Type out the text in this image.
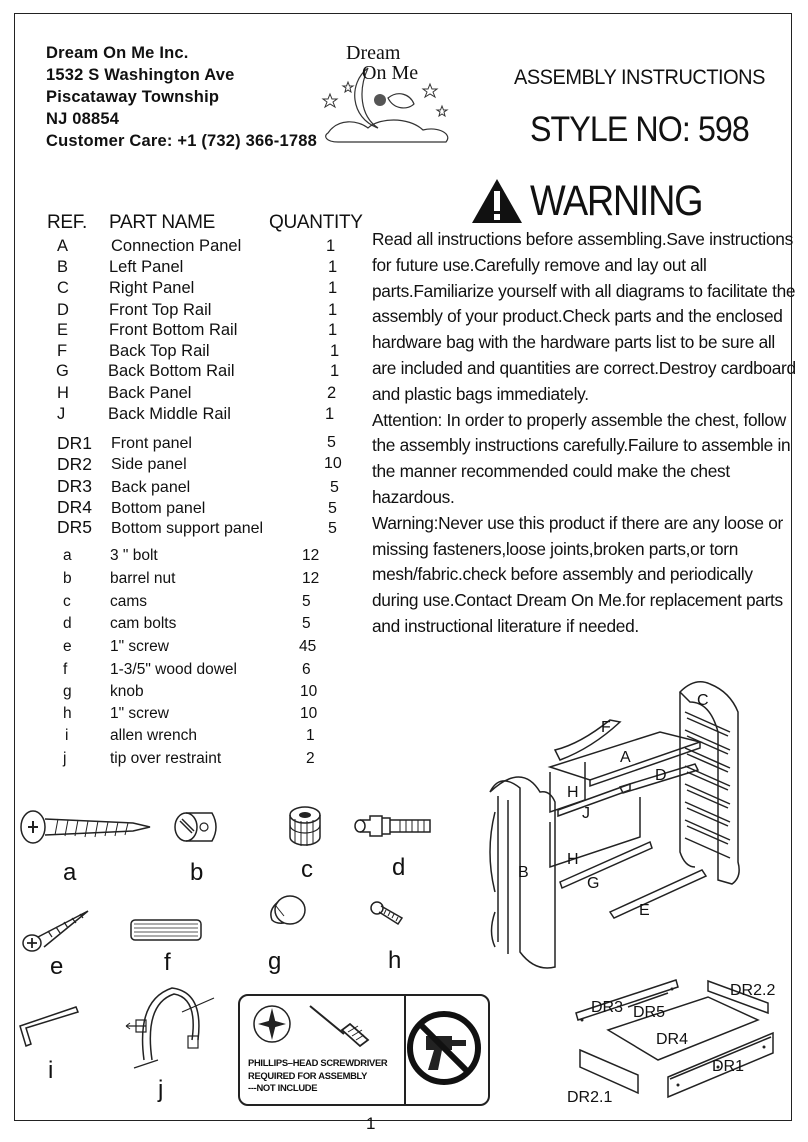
Dream On Me Inc.
1532 S Washington Ave
Piscataway Township
NJ 08854
Customer Care: +1 (732) 366-1788
Dream
On Me	ASSEMBLY INSTRUCTIONS
STYLE NO: 598
WARNING

Read all instructions before assembling.Save instructions for future use.Carefully remove and lay out all parts.Familiarize yourself with all diagrams to facilitate the assembly of your product.Check parts and the enclosed hardware bag with the hardware parts list to be sure all are included and quantities are correct.Destroy cardboard and plastic bags immediately.

Attention: In order to properly assemble the chest, follow the assembly instructions carefully.Failure to assemble in the manner recommended could make the chest hazardous.

Warning:Never use this product if there are any loose or missing fasteners,loose joints,broken parts,or torn mesh/fabric.check before assembly and periodically during use.Contact Dream On Me.for replacement parts and instructional literature if needed.

REF. PART NAME	QUANTITY
A	Connection Panel	1
B Left Panel	1
C Right Panel	1
D Front Top Rail	1
E Front Bottom Rail	1
F	Back Top Rail	1
G Back Bottom Rail	1
H Back Panel	2
J	Back Middle Rail	1
DR1 Front panel	5
DR2 Side panel	10
DR3 Back panel	5
DR4 Bottom panel	5
DR5 Bottom support panel	5
a 3 " bolt	12
b barrel nut	12
c	cams	5
d cam bolts	5
e 1" screw	45
f	1-3/5" wood dowel	6
g knob	10
h 1" screw	10
i	allen wrench	1
j	tip over restraint	2
a	b	c	d
e	f	g	h
i
j
PHILLIPS–HEAD SCREWDRIVER
REQUIRED FOR ASSEMBLY
---NOT INCLUDE
B
A
C
D
E
F
G
H
H
J
DR1
DR2.1
DR2.2
DR3
DR4
DR5
1
